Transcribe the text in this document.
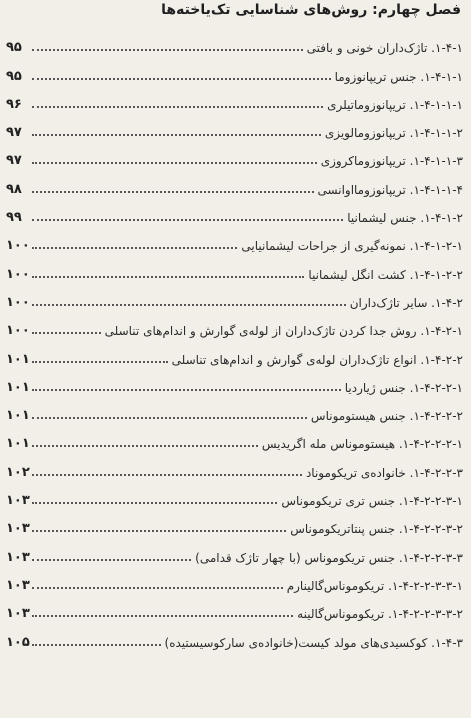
فصل چهارم: روش‌های شناسایی تک‌یاخته‌ها
۹۵	۱-۴-۱. تاژک‌داران خونی و بافتی
۹۵	۱-۴-۱-۱. جنس تریپانوزوما
۹۶	۱-۴-۱-۱-۱. تریپانوزوماتیلری
۹۷	۱-۴-۱-۱-۲. تریپانوزومالویزی
۹۷	۱-۴-۱-۱-۳. تریپانوزوماکروزی
۹۸	۱-۴-۱-۱-۴. تریپانوزومااوانسی
۹۹	۱-۴-۱-۲. جنس لیشمانیا
۱۰۰	۱-۴-۱-۲-۱. نمونه‌گیری از جراحات لیشمانیایی
۱۰۰	۱-۴-۱-۲-۲. کشت انگل لیشمانیا
۱۰۰	۱-۴-۲. سایر تاژک‌داران
۱۰۰	۱-۴-۲-۱. روش جدا کردن تاژک‌داران از لوله‌ی گوارش و اندام‌های تناسلی
۱۰۱	۱-۴-۲-۲. انواع تاژک‌داران لوله‌ی گوارش و اندام‌های تناسلی
۱۰۱	۱-۴-۲-۲-۱. جنس ژیاردیا
۱۰۱	۱-۴-۲-۲-۲. جنس هیستوموناس
۱۰۱	۱-۴-۲-۲-۲-۱. هیستوموناس مله اگریدیس
۱۰۲	۱-۴-۲-۲-۳. خانواده‌ی تریکوموناد
۱۰۳	۱-۴-۲-۲-۳-۱. جنس تری تریکوموناس
۱۰۳	۱-۴-۲-۲-۳-۲. جنس پنتاتریکوموناس
۱۰۳	۱-۴-۲-۲-۳-۳. جنس تریکوموناس (با چهار تاژک قدامی)
۱۰۳	۱-۴-۲-۲-۳-۳-۱. تریکوموناس‌گالینارم
۱۰۳	۱-۴-۲-۲-۳-۳-۲. تریکوموناس‌گالینه
۱۰۵	۱-۴-۳. کوکسیدی‌های مولد کیست(خانواده‌ی سارکوسیستیده)
